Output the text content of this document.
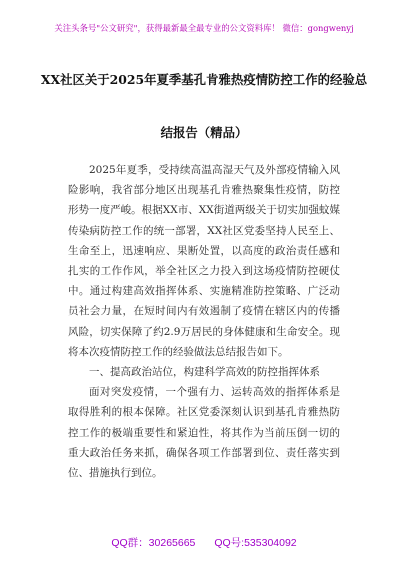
关注头条号"公文研究"，获得最新最全最专业的公文资料库！ 微信：gongwenyj
XX社区关于2025年夏季基孔肯雅热疫情防控工作的经验总
结报告（精品）

2025年夏季，受持续高温高湿天气及外部疫情输入风险影响，我省部分地区出现基孔肯雅热聚集性疫情，防控形势一度严峻。根据XX市、XX街道两级关于切实加强蚊媒传染病防控工作的统一部署，XX社区党委坚持人民至上、生命至上，迅速响应、果断处置，以高度的政治责任感和扎实的工作作风，举全社区之力投入到这场疫情防控硬仗中。通过构建高效指挥体系、实施精准防控策略、广泛动员社会力量，在短时间内有效遏制了疫情在辖区内的传播风险，切实保障了约2.9万居民的身体健康和生命安全。现将本次疫情防控工作的经验做法总结报告如下。

一、提高政治站位，构建科学高效的防控指挥体系

面对突发疫情，一个强有力、运转高效的指挥体系是取得胜利的根本保障。社区党委深刻认识到基孔肯雅热防控工作的极端重要性和紧迫性，将其作为当前压倒一切的重大政治任务来抓，确保各项工作部署到位、责任落实到位、措施执行到位。

QQ群：30265665 QQ号:535304092
